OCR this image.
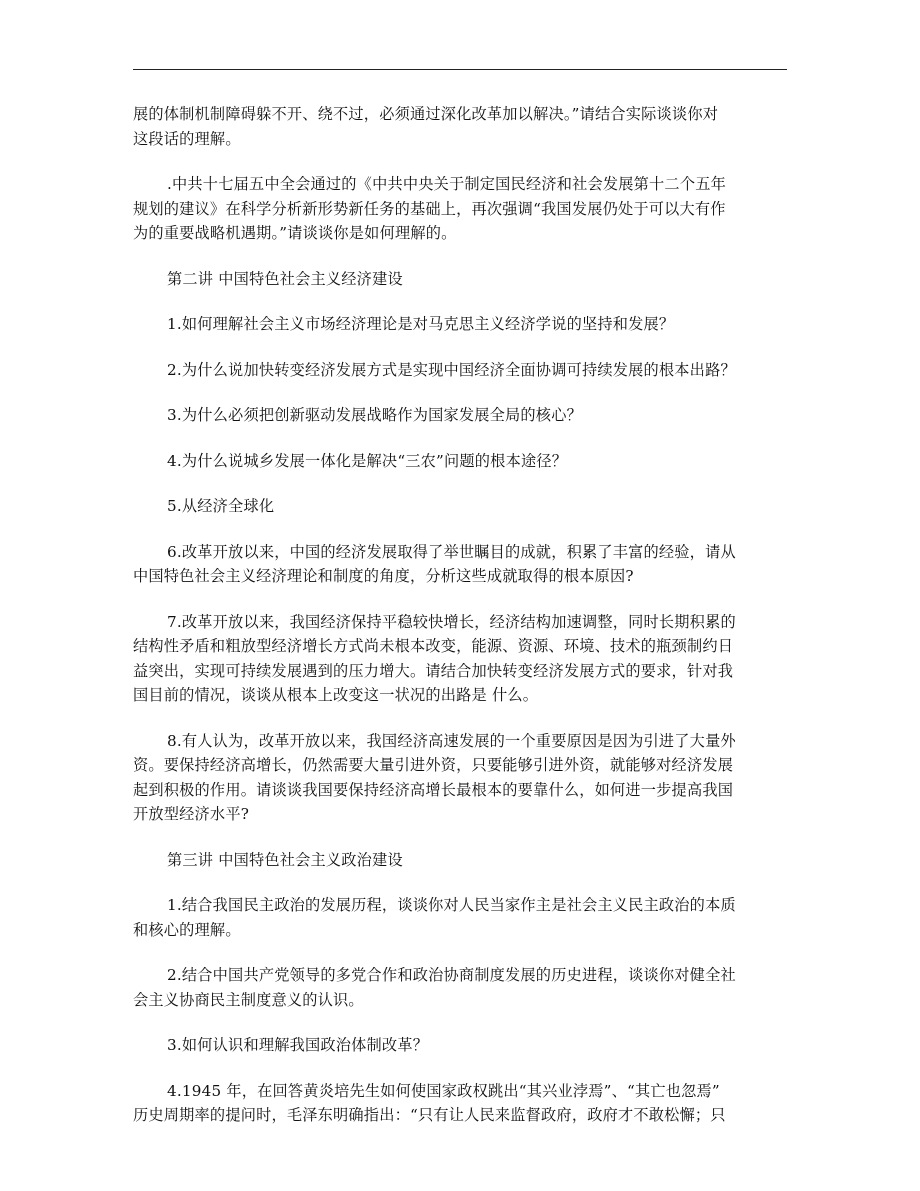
展的体制机制障碍躲不开、绕不过，必须通过深化改革加以解决。”请结合实际谈谈你对
这段话的理解。

.中共十七届五中全会通过的《中共中央关于制定国民经济和社会发展第十二个五年
规划的建议》在科学分析新形势新任务的基础上，再次强调“我国发展仍处于可以大有作
为的重要战略机遇期。”请谈谈你是如何理解的。

第二讲 中国特色社会主义经济建设

1.如何理解社会主义市场经济理论是对马克思主义经济学说的坚持和发展？

2.为什么说加快转变经济发展方式是实现中国经济全面协调可持续发展的根本出路？

3.为什么必须把创新驱动发展战略作为国家发展全局的核心？

4.为什么说城乡发展一体化是解决“三农”问题的根本途径？

5.从经济全球化

6.改革开放以来，中国的经济发展取得了举世瞩目的成就，积累了丰富的经验，请从
中国特色社会主义经济理论和制度的角度，分析这些成就取得的根本原因?

7.改革开放以来，我国经济保持平稳较快增长，经济结构加速调整，同时长期积累的
结构性矛盾和粗放型经济增长方式尚未根本改变，能源、资源、环境、技术的瓶颈制约日
益突出，实现可持续发展遇到的压力增大。请结合加快转变经济发展方式的要求，针对我
国目前的情况，谈谈从根本上改变这一状况的出路是 什么。

8.有人认为，改革开放以来，我国经济高速发展的一个重要原因是因为引进了大量外
资。要保持经济高增长，仍然需要大量引进外资，只要能够引进外资，就能够对经济发展
起到积极的作用。请谈谈我国要保持经济高增长最根本的要靠什么，如何进一步提高我国
开放型经济水平?

第三讲 中国特色社会主义政治建设

1.结合我国民主政治的发展历程，谈谈你对人民当家作主是社会主义民主政治的本质
和核心的理解。

2.结合中国共产党领导的多党合作和政治协商制度发展的历史进程，谈谈你对健全社
会主义协商民主制度意义的认识。

3.如何认识和理解我国政治体制改革？

4.1945 年，在回答黄炎培先生如何使国家政权跳出“其兴业浡焉”、“其亡也忽焉”
历史周期率的提问时，毛泽东明确指出：“只有让人民来监督政府，政府才不敢松懈；只
